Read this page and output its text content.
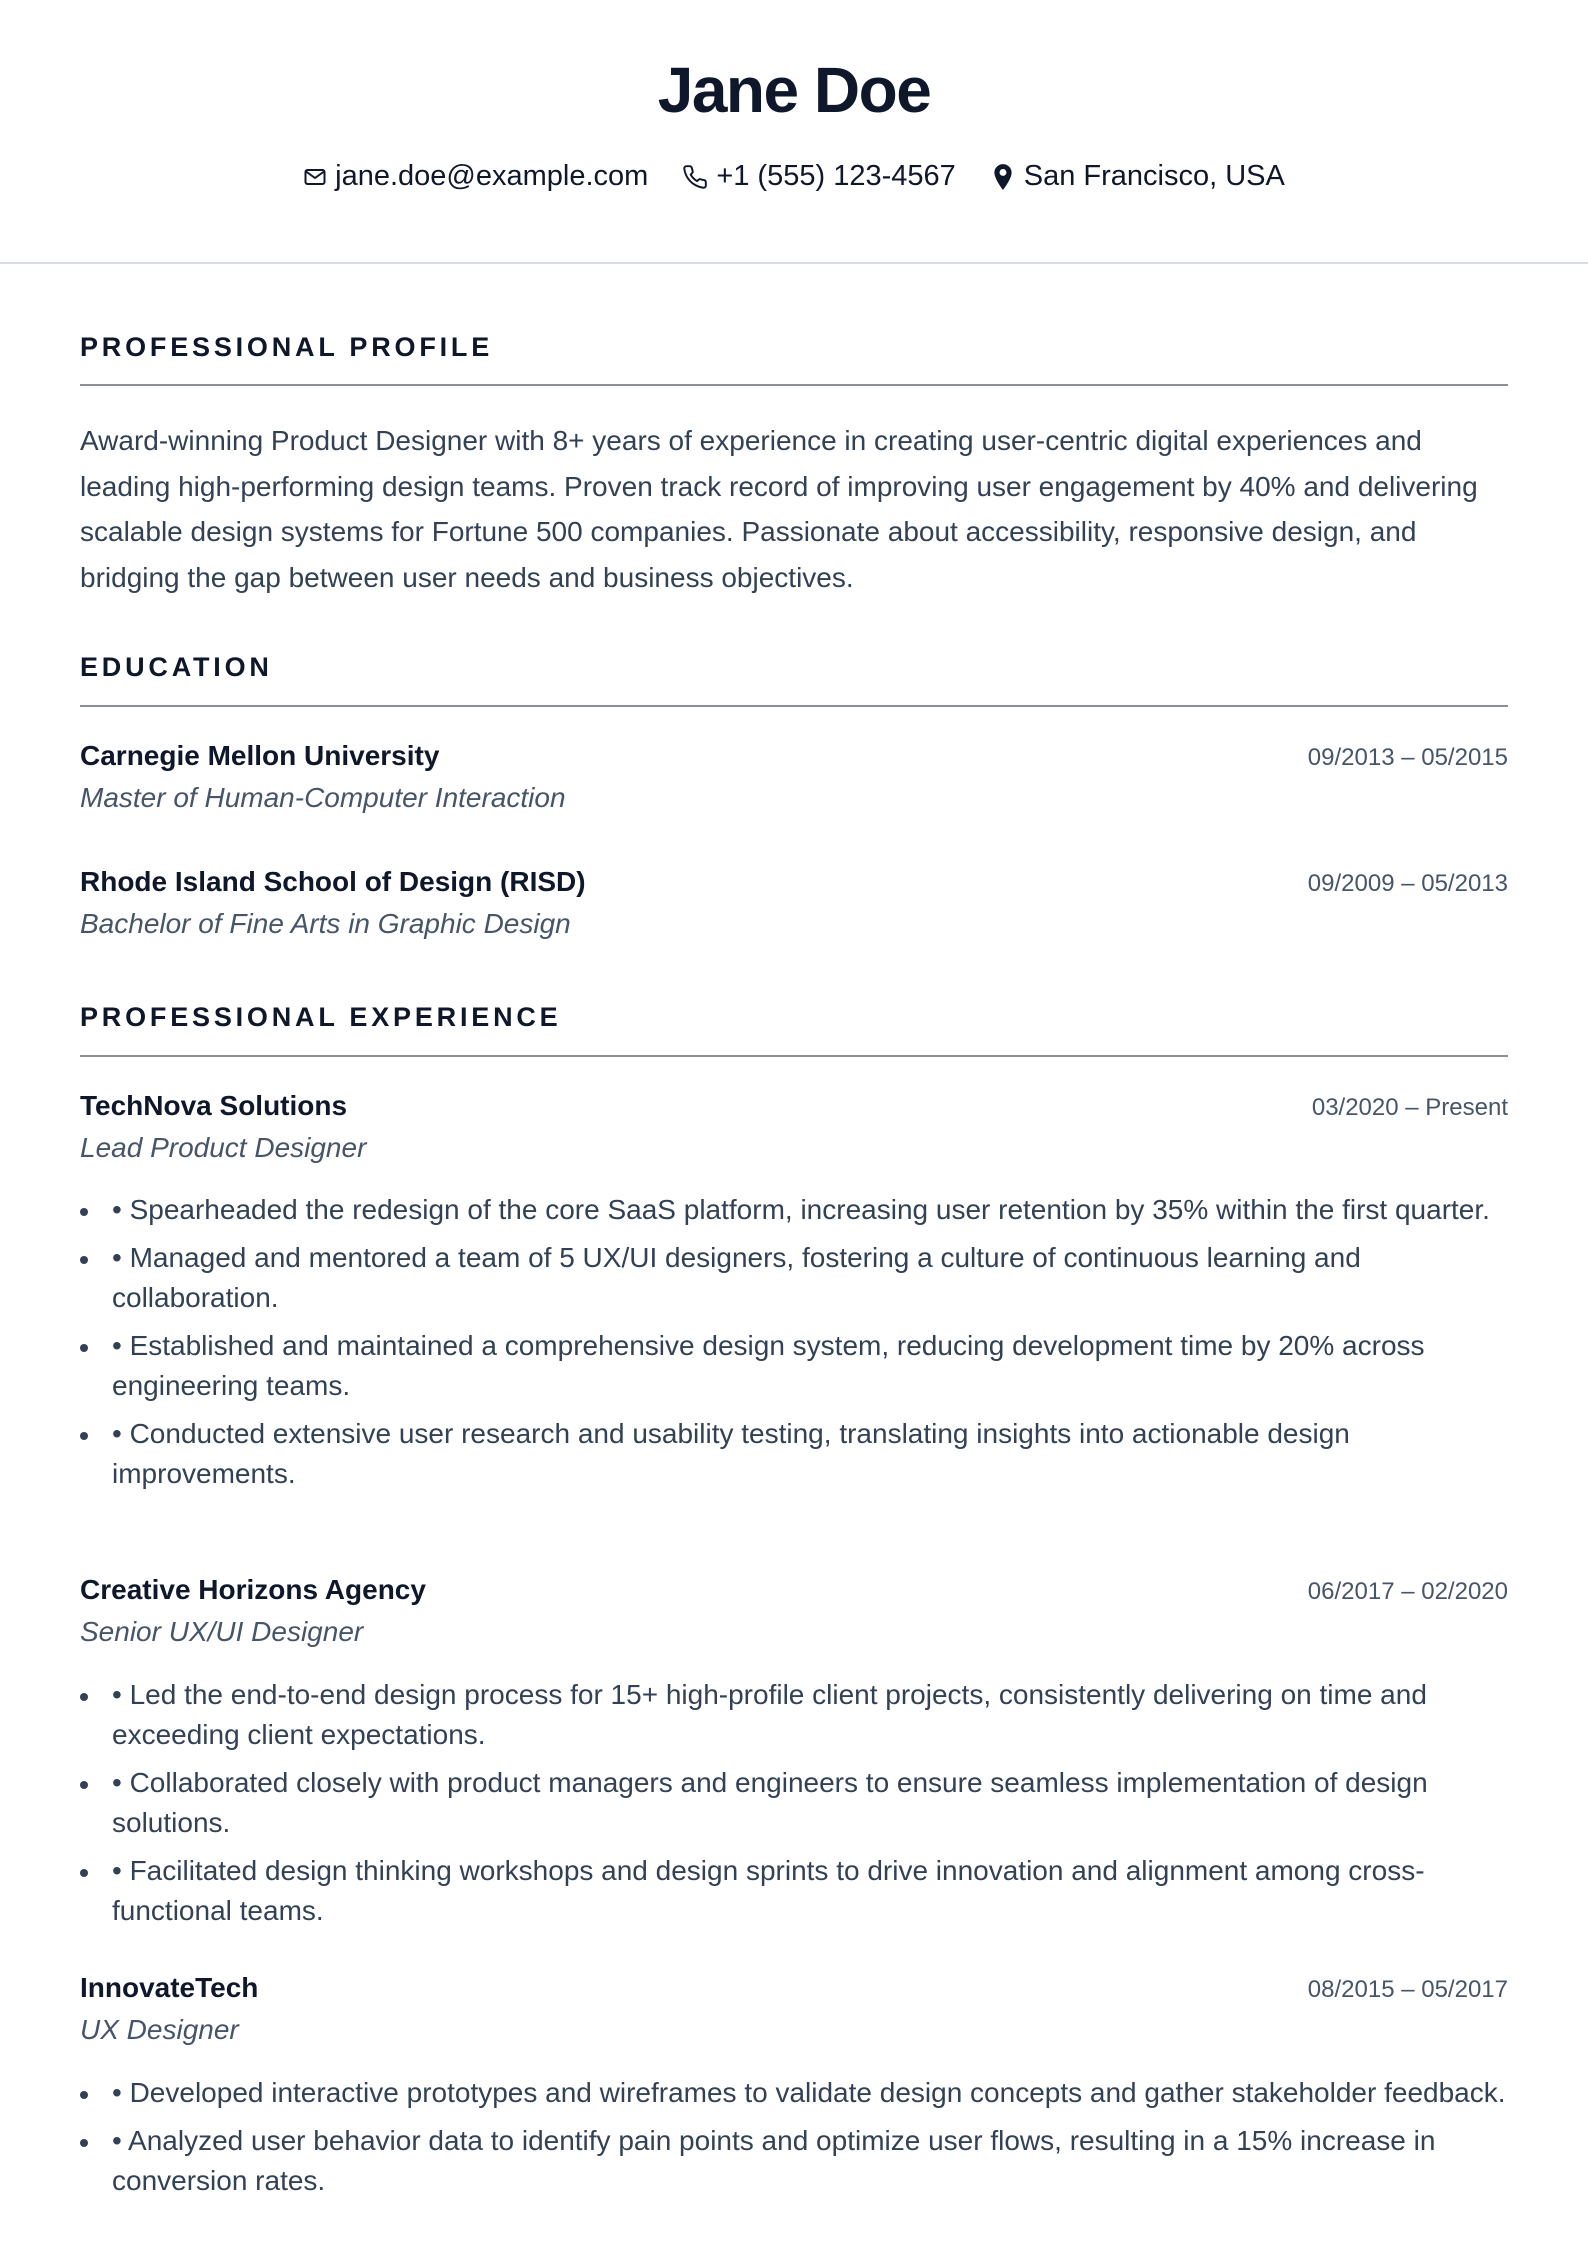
Jane Doe
jane.doe@example.com +1 (555) 123-4567 San Francisco, USA
PROFESSIONAL PROFILE
Award-winning Product Designer with 8+ years of experience in creating user-centric digital experiences and leading high-performing design teams. Proven track record of improving user engagement by 40% and delivering scalable design systems for Fortune 500 companies. Passionate about accessibility, responsive design, and bridging the gap between user needs and business objectives.
EDUCATION
Carnegie Mellon University	09/2013 – 05/2015
Master of Human-Computer Interaction
Rhode Island School of Design (RISD)	09/2009 – 05/2013
Bachelor of Fine Arts in Graphic Design
PROFESSIONAL EXPERIENCE
TechNova Solutions	03/2020 – Present
Lead Product Designer
• Spearheaded the redesign of the core SaaS platform, increasing user retention by 35% within the first quarter.
• Managed and mentored a team of 5 UX/UI designers, fostering a culture of continuous learning and collaboration.
• Established and maintained a comprehensive design system, reducing development time by 20% across engineering teams.
• Conducted extensive user research and usability testing, translating insights into actionable design improvements.
Creative Horizons Agency	06/2017 – 02/2020
Senior UX/UI Designer
• Led the end-to-end design process for 15+ high-profile client projects, consistently delivering on time and exceeding client expectations.
• Collaborated closely with product managers and engineers to ensure seamless implementation of design solutions.
• Facilitated design thinking workshops and design sprints to drive innovation and alignment among cross-functional teams.
InnovateTech	08/2015 – 05/2017
UX Designer
• Developed interactive prototypes and wireframes to validate design concepts and gather stakeholder feedback.
• Analyzed user behavior data to identify pain points and optimize user flows, resulting in a 15% increase in conversion rates.
